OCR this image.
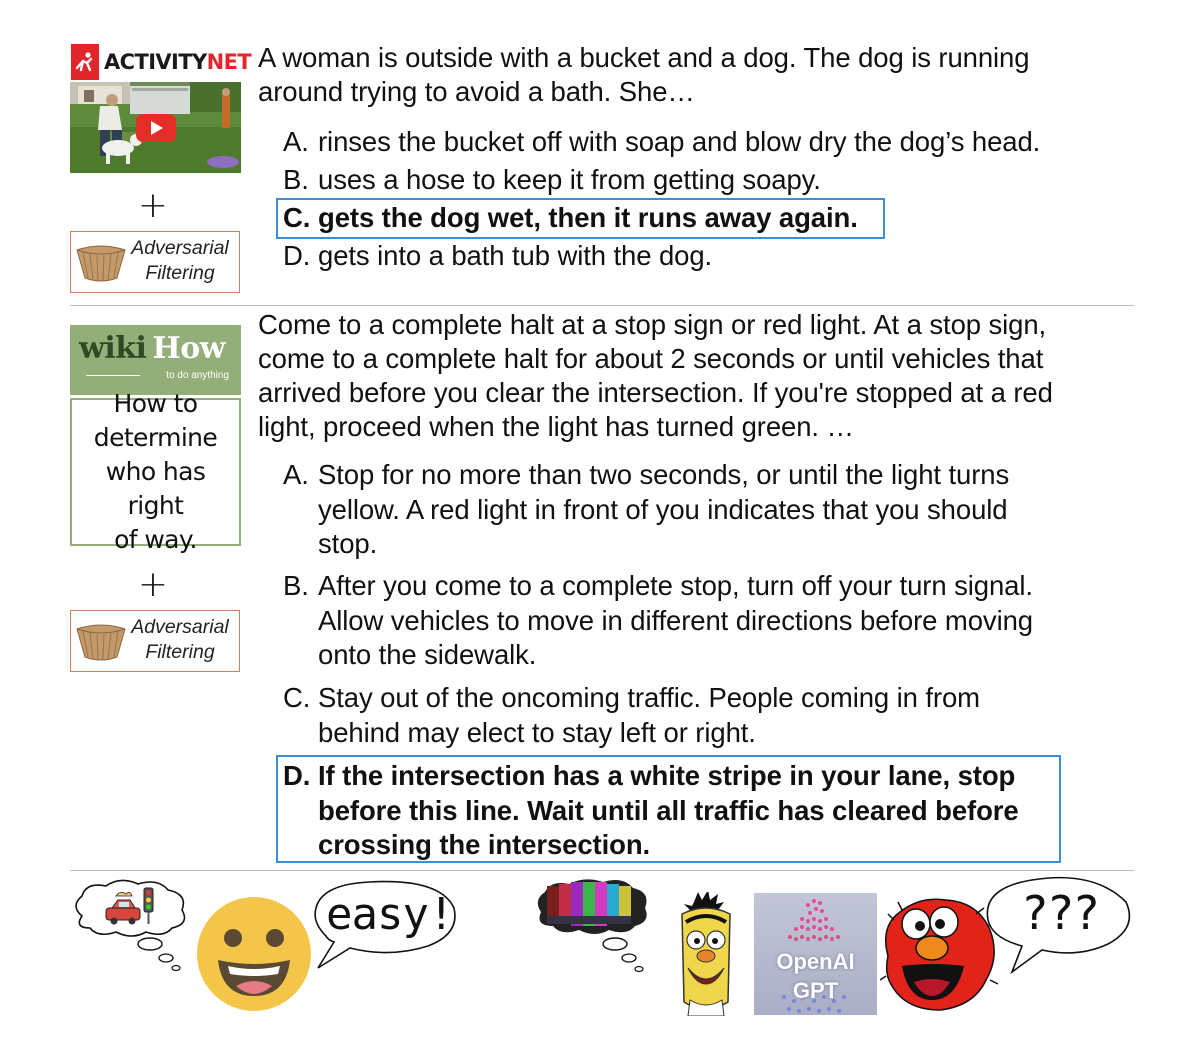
ACTIVITYNET
+
Adversarial
Filtering
A woman is outside with a bucket and a dog. The dog is running
around trying to avoid a bath. She…
A. rinses the bucket off with soap and blow dry the dog’s head.
B. uses a hose to keep it from getting soapy.
C. gets the dog wet, then it runs away again.
D. gets into a bath tub with the dog.
wiki How
to do anything
How to
determine
who has right
of way.
+
Adversarial
Filtering
Come to a complete halt at a stop sign or red light. At a stop sign,
come to a complete halt for about 2 seconds or until vehicles that
arrived before you clear the intersection. If you're stopped at a red
light, proceed when the light has turned green. …
A. Stop for no more than two seconds, or until the light turns
yellow. A red light in front of you indicates that you should
stop.
B. After you come to a complete stop, turn off your turn signal.
Allow vehicles to move in different directions before moving
onto the sidewalk.
C. Stay out of the oncoming traffic. People coming in from
behind may elect to stay left or right.
D. If the intersection has a white stripe in your lane, stop
before this line. Wait until all traffic has cleared before
crossing the intersection.
easy!
OpenAI
GPT
???
